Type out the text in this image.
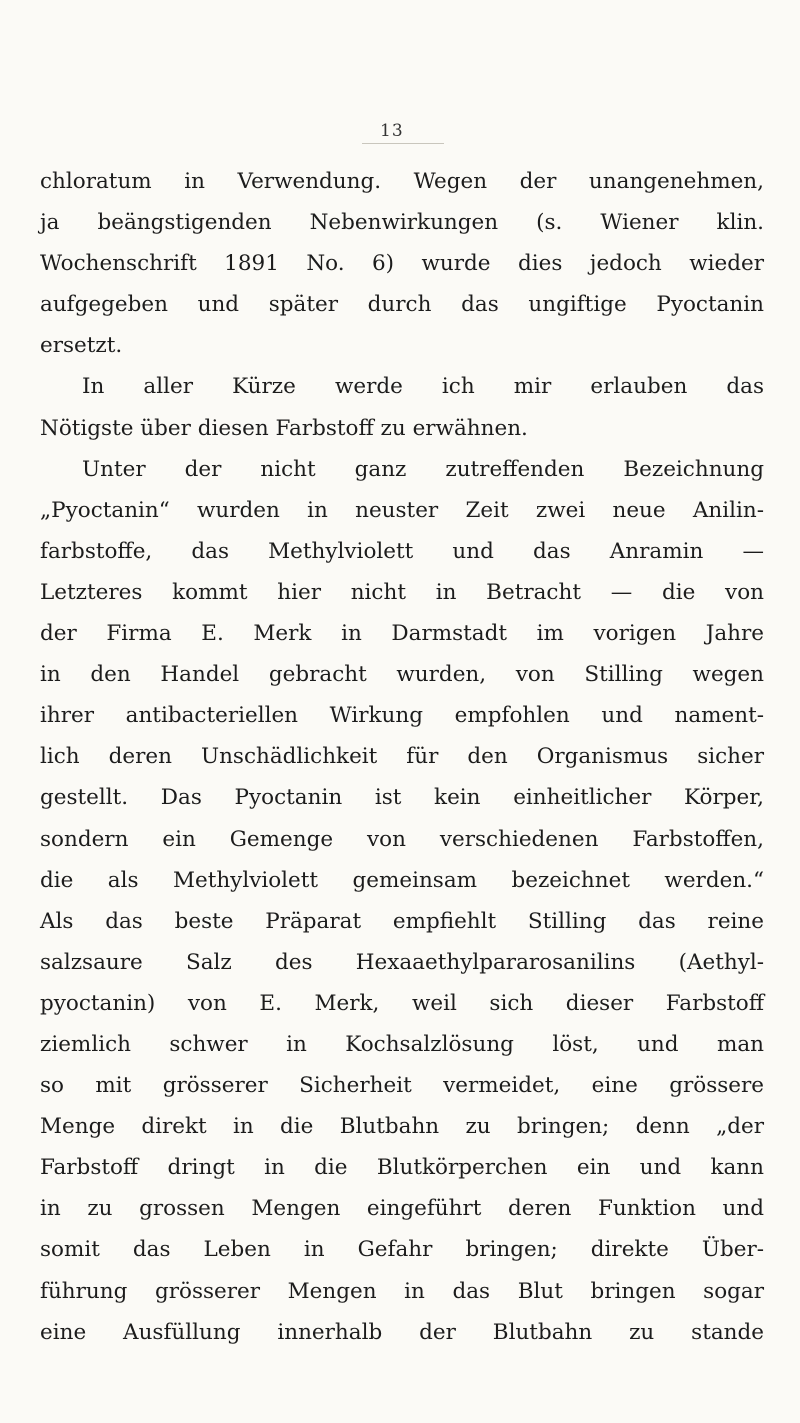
13
chloratum in Verwendung. Wegen der unangenehmen,
ja beängstigenden Nebenwirkungen (s. Wiener klin.
Wochenschrift 1891 No. 6) wurde dies jedoch wieder
aufgegeben und später durch das ungiftige Pyoctanin
ersetzt.
In aller Kürze werde ich mir erlauben das
Nötigste über diesen Farbstoff zu erwähnen.
Unter der nicht ganz zutreffenden Bezeichnung
„Pyoctanin“ wurden in neuster Zeit zwei neue Anilin-
farbstoffe, das Methylviolett und das Anramin —
Letzteres kommt hier nicht in Betracht — die von
der Firma E. Merk in Darmstadt im vorigen Jahre
in den Handel gebracht wurden, von Stilling wegen
ihrer antibacteriellen Wirkung empfohlen und nament-
lich deren Unschädlichkeit für den Organismus sicher
gestellt. Das Pyoctanin ist kein einheitlicher Körper,
sondern ein Gemenge von verschiedenen Farbstoffen,
die als Methylviolett gemeinsam bezeichnet werden.“
Als das beste Präparat empfiehlt Stilling das reine
salzsaure Salz des Hexaaethylpararosanilins (Aethyl-
pyoctanin) von E. Merk, weil sich dieser Farbstoff
ziemlich schwer in Kochsalzlösung löst, und man
so mit grösserer Sicherheit vermeidet, eine grössere
Menge direkt in die Blutbahn zu bringen; denn „der
Farbstoff dringt in die Blutkörperchen ein und kann
in zu grossen Mengen eingeführt deren Funktion und
somit das Leben in Gefahr bringen; direkte Über-
führung grösserer Mengen in das Blut bringen sogar
eine Ausfüllung innerhalb der Blutbahn zu stande
